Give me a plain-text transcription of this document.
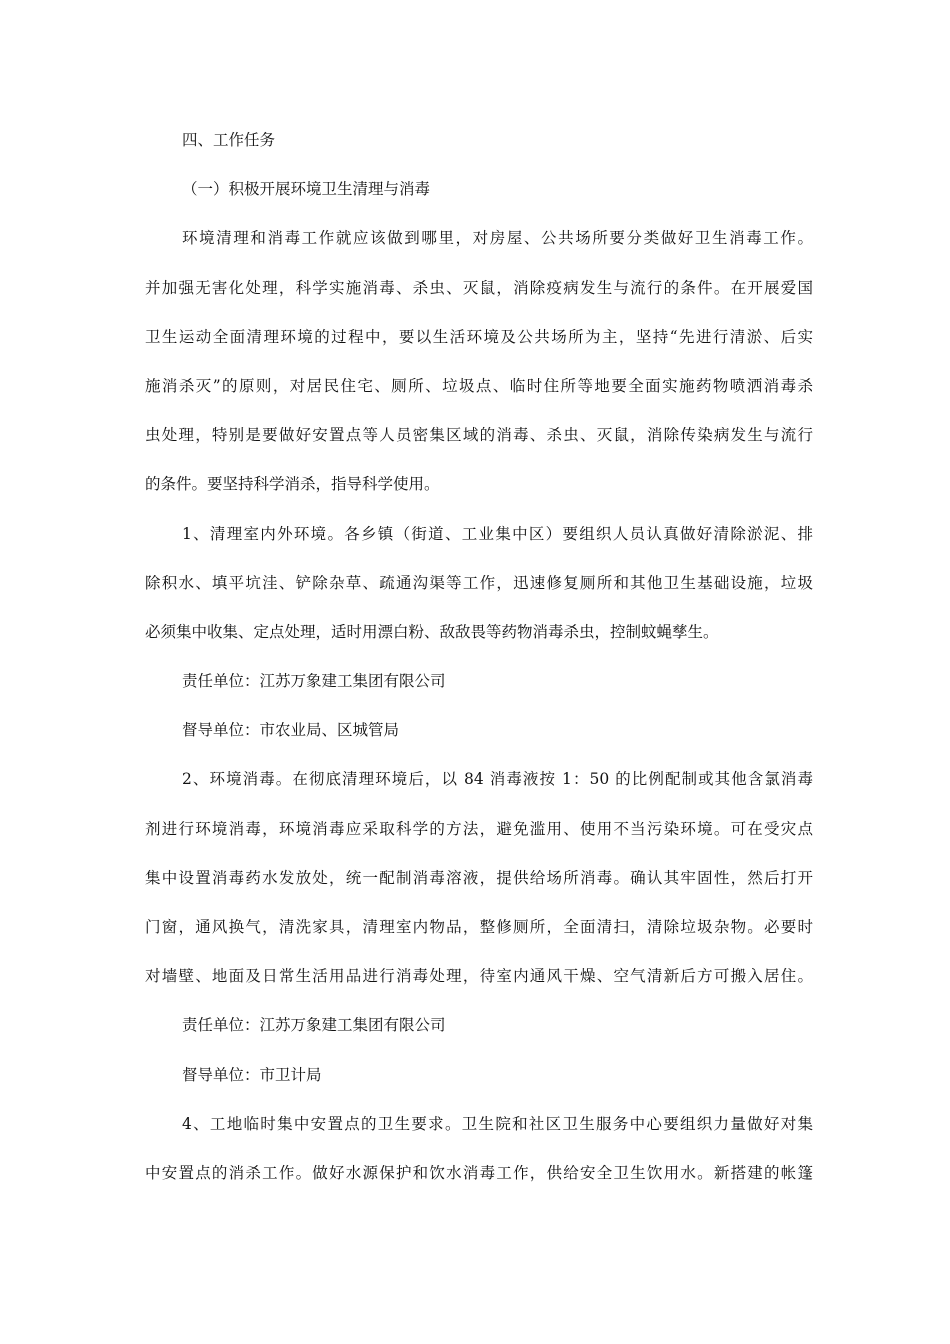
四、工作任务
（一）积极开展环境卫生清理与消毒
环境清理和消毒工作就应该做到哪里，对房屋、公共场所要分类做好卫生消毒工作。
并加强无害化处理，科学实施消毒、杀虫、灭鼠，消除疫病发生与流行的条件。在开展爱国
卫生运动全面清理环境的过程中，要以生活环境及公共场所为主，坚持“先进行清淤、后实
施消杀灭”的原则，对居民住宅、厕所、垃圾点、临时住所等地要全面实施药物喷洒消毒杀
虫处理，特别是要做好安置点等人员密集区域的消毒、杀虫、灭鼠，消除传染病发生与流行
的条件。要坚持科学消杀，指导科学使用。
1、清理室内外环境。各乡镇（街道、工业集中区）要组织人员认真做好清除淤泥、排
除积水、填平坑洼、铲除杂草、疏通沟渠等工作，迅速修复厕所和其他卫生基础设施，垃圾
必须集中收集、定点处理，适时用漂白粉、敌敌畏等药物消毒杀虫，控制蚊蝇孳生。
责任单位：江苏万象建工集团有限公司
督导单位：市农业局、区城管局
2、环境消毒。在彻底清理环境后，以 84 消毒液按 1：50 的比例配制或其他含氯消毒
剂进行环境消毒，环境消毒应采取科学的方法，避免滥用、使用不当污染环境。可在受灾点
集中设置消毒药水发放处，统一配制消毒溶液，提供给场所消毒。确认其牢固性，然后打开
门窗，通风换气，清洗家具，清理室内物品，整修厕所，全面清扫，清除垃圾杂物。必要时
对墙壁、地面及日常生活用品进行消毒处理，待室内通风干燥、空气清新后方可搬入居住。
责任单位：江苏万象建工集团有限公司
督导单位：市卫计局
4、工地临时集中安置点的卫生要求。卫生院和社区卫生服务中心要组织力量做好对集
中安置点的消杀工作。做好水源保护和饮水消毒工作，供给安全卫生饮用水。新搭建的帐篷
